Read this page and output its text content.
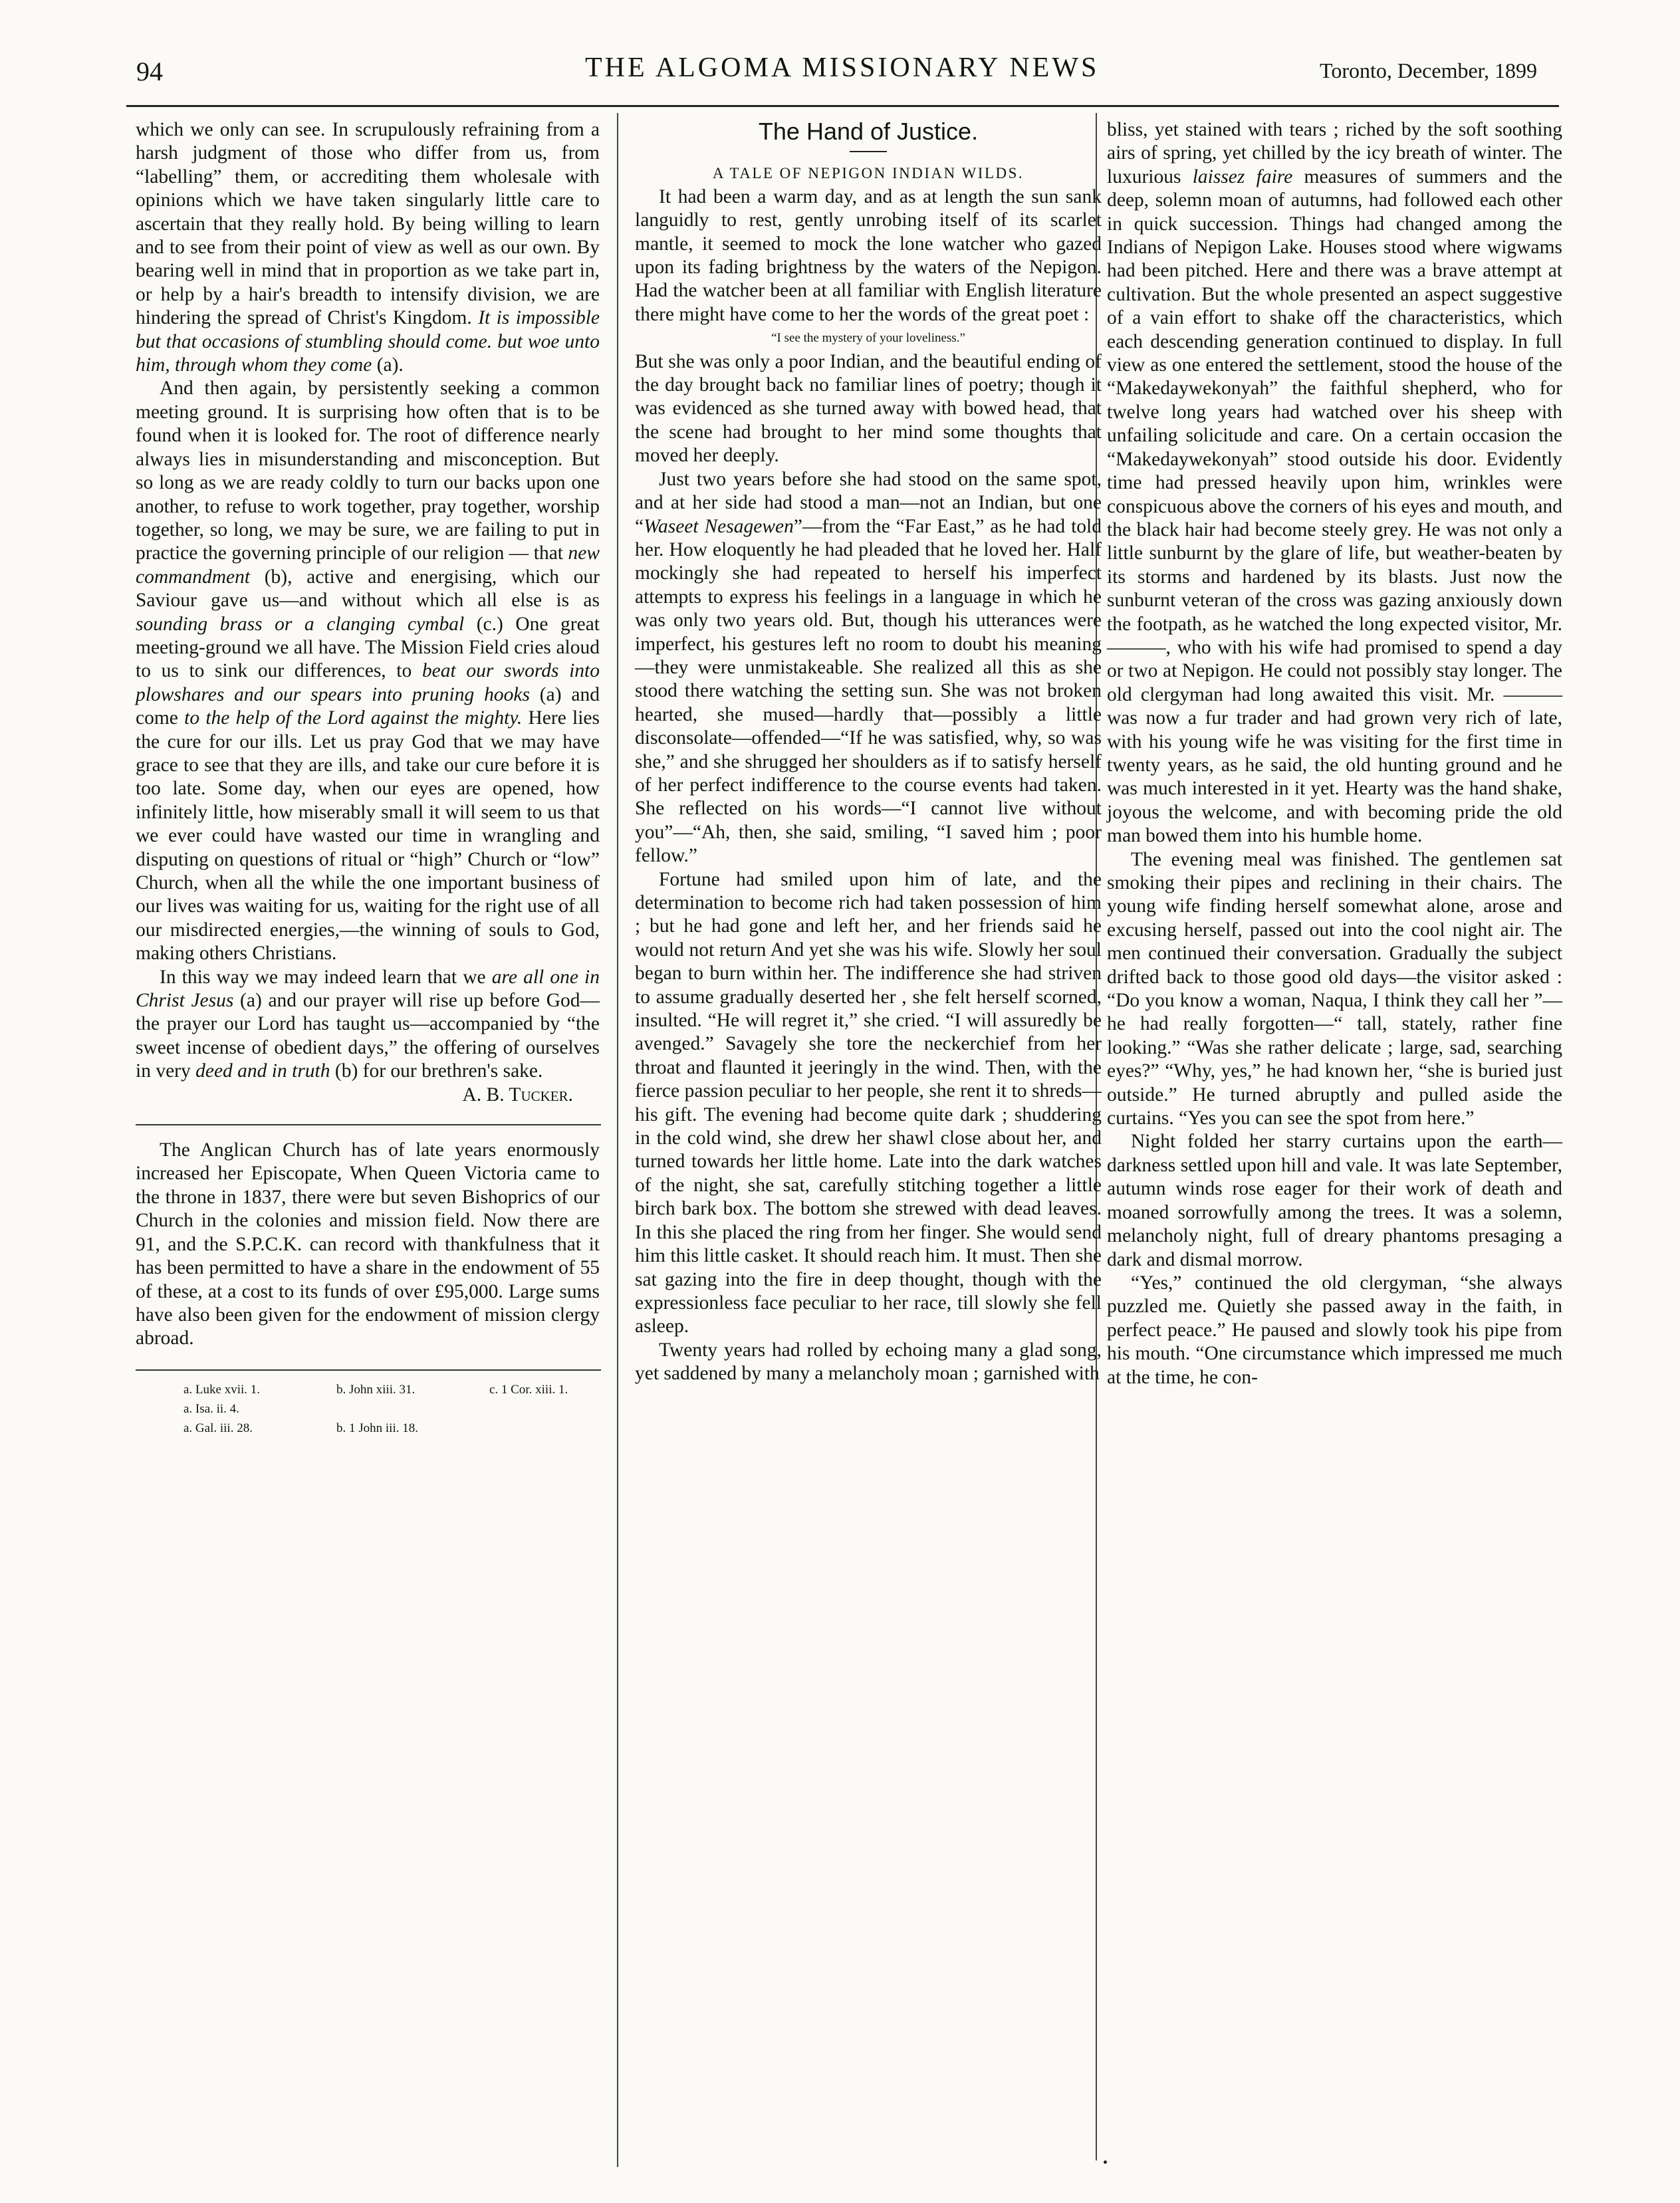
94	THE ALGOMA MISSIONARY NEWS	Toronto, December, 1899

which we only can see. In scrupulously refraining from a harsh judgment of those who differ from us, from “labelling” them, or accrediting them wholesale with opinions which we have taken singularly little care to ascertain that they really hold. By being willing to learn and to see from their point of view as well as our own. By bearing well in mind that in proportion as we take part in, or help by a hair's breadth to intensify division, we are hindering the spread of Christ's Kingdom. It is impossible but that occasions of stumbling should come. but woe unto him, through whom they come (a).

And then again, by persistently seeking a common meeting ground. It is surprising how often that is to be found when it is looked for. The root of difference nearly always lies in misunderstanding and misconception. But so long as we are ready coldly to turn our backs upon one another, to refuse to work together, pray together, worship together, so long, we may be sure, we are failing to put in practice the governing principle of our religion — that new commandment (b), active and energising, which our Saviour gave us—and without which all else is as sounding brass or a clanging cymbal (c.) One great meeting-ground we all have. The Mission Field cries aloud to us to sink our differences, to beat our swords into plowshares and our spears into pruning hooks (a) and come to the help of the Lord against the mighty. Here lies the cure for our ills. Let us pray God that we may have grace to see that they are ills, and take our cure before it is too late. Some day, when our eyes are opened, how infinitely little, how miserably small it will seem to us that we ever could have wasted our time in wrangling and disputing on questions of ritual or “high” Church or “low” Church, when all the while the one important business of our lives was waiting for us, waiting for the right use of all our misdirected energies,—the winning of souls to God, making others Christians.

In this way we may indeed learn that we are all one in Christ Jesus (a) and our prayer will rise up before God—the prayer our Lord has taught us—accompanied by “the sweet incense of obedient days,” the offering of ourselves in very deed and in truth (b) for our brethren's sake.

A. B. Tucker.

The Anglican Church has of late years enormously increased her Episcopate, When Queen Victoria came to the throne in 1837, there were but seven Bishoprics of our Church in the colonies and mission field. Now there are 91, and the S.P.C.K. can record with thankfulness that it has been permitted to have a share in the endowment of 55 of these, at a cost to its funds of over £95,000. Large sums have also been given for the endowment of mission clergy abroad.

a. Luke xvii. 1.	b. John xiii. 31.	c. 1 Cor. xiii. 1.

a. Isa. ii. 4.

a. Gal. iii. 28.	b. 1 John iii. 18.

The Hand of Justice.

A TALE OF NEPIGON INDIAN WILDS.

It had been a warm day, and as at length the sun sank languidly to rest, gently unrobing itself of its scarlet mantle, it seemed to mock the lone watcher who gazed upon its fading brightness by the waters of the Nepigon. Had the watcher been at all familiar with English literature there might have come to her the words of the great poet :

“I see the mystery of your loveliness.”

But she was only a poor Indian, and the beautiful ending of the day brought back no familiar lines of poetry; though it was evidenced as she turned away with bowed head, that the scene had brought to her mind some thoughts that moved her deeply.

Just two years before she had stood on the same spot, and at her side had stood a man—not an Indian, but one “Waseet Nesagewen”—from the “Far East,” as he had told her. How eloquently he had pleaded that he loved her. Half mockingly she had repeated to herself his imperfect attempts to express his feelings in a language in which he was only two years old. But, though his utterances were imperfect, his gestures left no room to doubt his meaning—they were unmistakeable. She realized all this as she stood there watching the setting sun. She was not broken hearted, she mused—hardly that—possibly a little disconsolate—offended—“If he was satisfied, why, so was she,” and she shrugged her shoulders as if to satisfy herself of her perfect indifference to the course events had taken. She reflected on his words—“I cannot live without you”—“Ah, then, she said, smiling, “I saved him ; poor fellow.”

Fortune had smiled upon him of late, and the determination to become rich had taken possession of him ; but he had gone and left her, and her friends said he would not return And yet she was his wife. Slowly her soul began to burn within her. The indifference she had striven to assume gradually deserted her , she felt herself scorned, insulted. “He will regret it,” she cried. “I will assuredly be avenged.” Savagely she tore the neckerchief from her throat and flaunted it jeeringly in the wind. Then, with the fierce passion peculiar to her people, she rent it to shreds—his gift. The evening had become quite dark ; shuddering in the cold wind, she drew her shawl close about her, and turned towards her little home. Late into the dark watches of the night, she sat, carefully stitching together a little birch bark box. The bottom she strewed with dead leaves. In this she placed the ring from her finger. She would send him this little casket. It should reach him. It must. Then she sat gazing into the fire in deep thought, though with the expressionless face peculiar to her race, till slowly she fell asleep.

Twenty years had rolled by echoing many a glad song, yet saddened by many a melancholy moan ; garnished with

bliss, yet stained with tears ; riched by the soft soothing airs of spring, yet chilled by the icy breath of winter. The luxurious laissez faire measures of summers and the deep, solemn moan of autumns, had followed each other in quick succession. Things had changed among the Indians of Nepigon Lake. Houses stood where wigwams had been pitched. Here and there was a brave attempt at cultivation. But the whole presented an aspect suggestive of a vain effort to shake off the characteristics, which each descending generation continued to display. In full view as one entered the settlement, stood the house of the “Makedaywekonyah” the faithful shepherd, who for twelve long years had watched over his sheep with unfailing solicitude and care. On a certain occasion the “Makedaywekonyah” stood outside his door. Evidently time had pressed heavily upon him, wrinkles were conspicuous above the corners of his eyes and mouth, and the black hair had become steely grey. He was not only a little sunburnt by the glare of life, but weather-beaten by its storms and hardened by its blasts. Just now the sunburnt veteran of the cross was gazing anxiously down the footpath, as he watched the long expected visitor, Mr. ———, who with his wife had promised to spend a day or two at Nepigon. He could not possibly stay longer. The old clergyman had long awaited this visit. Mr. ——— was now a fur trader and had grown very rich of late, with his young wife he was visiting for the first time in twenty years, as he said, the old hunting ground and he was much interested in it yet. Hearty was the hand shake, joyous the welcome, and with becoming pride the old man bowed them into his humble home.

The evening meal was finished. The gentlemen sat smoking their pipes and reclining in their chairs. The young wife finding herself somewhat alone, arose and excusing herself, passed out into the cool night air. The men continued their conversation. Gradually the subject drifted back to those good old days—the visitor asked : “Do you know a woman, Naqua, I think they call her ”—he had really forgotten—“ tall, stately, rather fine looking.” “Was she rather delicate ; large, sad, searching eyes?” “Why, yes,” he had known her, “she is buried just outside.” He turned abruptly and pulled aside the curtains. “Yes you can see the spot from here.”

Night folded her starry curtains upon the earth—darkness settled upon hill and vale. It was late September, autumn winds rose eager for their work of death and moaned sorrowfully among the trees. It was a solemn, melancholy night, full of dreary phantoms presaging a dark and dismal morrow.

“Yes,” continued the old clergyman, “she always puzzled me. Quietly she passed away in the faith, in perfect peace.” He paused and slowly took his pipe from his mouth. “One circumstance which impressed me much at the time, he con-
